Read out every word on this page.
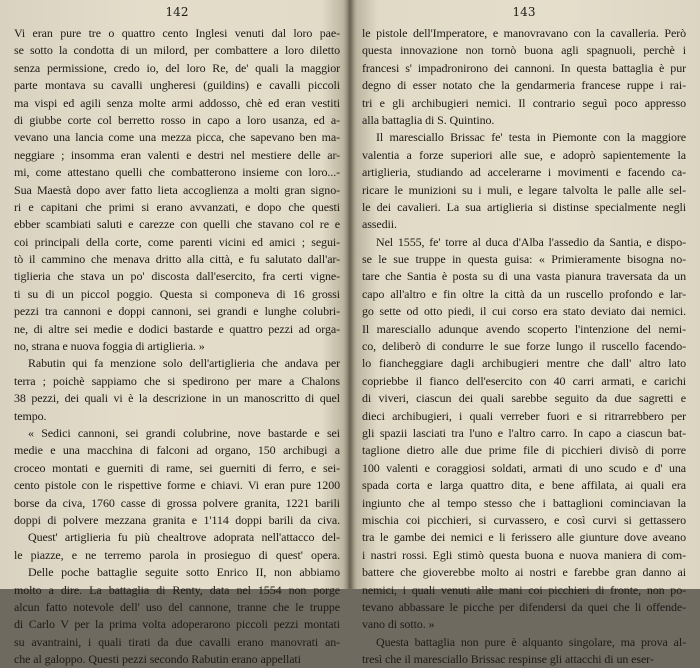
142
Vi eran pure tre o quattro cento Inglesi venuti dal loro pae-
se sotto la condotta di un milord, per combattere a loro diletto
senza permissione, credo io, del loro Re, de' quali la maggior
parte montava su cavalli ungheresi (guildins) e cavalli piccoli
ma vispi ed agili senza molte armi addosso, chè ed eran vestiti
di giubbe corte col berretto rosso in capo a loro usanza, ed a-
vevano una lancia come una mezza picca, che sapevano ben ma-
neggiare ; insomma eran valenti e destri nel mestiere delle ar-
mi, come attestano quelli che combatterono insieme con loro...-
Sua Maestà dopo aver fatto lieta accoglienza a molti gran signo-
ri e capitani che primi si erano avvanzati, e dopo che questi
ebber scambiati saluti e carezze con quelli che stavano col re e
coi principali della corte, come parenti vicini ed amici ; segui-
tò il cammino che menava dritto alla città, e fu salutato dall'ar-
tiglieria che stava un po' discosta dall'esercito, fra certi vigne-
ti su di un piccol poggio. Questa si componeva di 16 grossi
pezzi tra cannoni e doppi cannoni, sei grandi e lunghe colubri-
ne, di altre sei medie e dodici bastarde e quattro pezzi ad orga-
no, strana e nuova foggia di artiglieria. »
Rabutin qui fa menzione solo dell'artiglieria che andava per
terra ; poichè sappiamo che si spedirono per mare a Chalons
38 pezzi, dei quali vi è la descrizione in un manoscritto di quel
tempo.
« Sedici cannoni, sei grandi colubrine, nove bastarde e sei
medie e una macchina di falconi ad organo, 150 archibugi a
croceo montati e guerniti di rame, sei guerniti di ferro, e sei-
cento pistole con le rispettive forme e chiavi. Vi eran pure 1200
borse da civa, 1760 casse di grossa polvere granita, 1221 barili
doppi di polvere mezzana granita e 1'114 doppi barili da civa.
Quest' artiglieria fu più chealtrove adoprata nell'attacco del-
le piazze, e ne terremo parola in prosieguo di quest' opera.
Delle poche battaglie seguite sotto Enrico II, non abbiamo
molto a dire. La battaglia di Renty, data nel 1554 non porge
alcun fatto notevole dell' uso del cannone, tranne che le truppe
di Carlo V per la prima volta adoperarono piccoli pezzi montati
su avantraini, i quali tirati da due cavalli erano manovrati an-
che al galoppo. Questi pezzi secondo Rabutin erano appellati
143
le pistole dell'Imperatore, e manovravano con la cavalleria. Però
questa innovazione non tornò buona agli spagnuoli, perchè i
francesi s' impadronirono dei cannoni. In questa battaglia è pur
degno di esser notato che la gendarmeria francese ruppe i rai-
tri e gli archibugieri nemici. Il contrario seguì poco appresso
alla battaglia di S. Quintino.
Il maresciallo Brissac fe' testa in Piemonte con la maggiore
valentia a forze superiori alle sue, e adoprò sapientemente la
artiglieria, studiando ad accelerarne i movimenti e facendo ca-
ricare le munizioni su i muli, e legare talvolta le palle alle sel-
le dei cavalieri. La sua artiglieria si distinse specialmente negli
assedii.
Nel 1555, fe' torre al duca d'Alba l'assedio da Santia, e dispo-
se le sue truppe in questa guisa: « Primieramente bisogna no-
tare che Santia è posta su di una vasta pianura traversata da un
capo all'altro e fin oltre la città da un ruscello profondo e lar-
go sette od otto piedi, il cui corso era stato deviato dai nemici.
Il maresciallo adunque avendo scoperto l'intenzione del nemi-
co, deliberò di condurre le sue forze lungo il ruscello facendo-
lo fiancheggiare dagli archibugieri mentre che dall' altro lato
copriebbe il fianco dell'esercito con 40 carri armati, e carichi
di viveri, ciascun dei quali sarebbe seguito da due sagretti e
dieci archibugieri, i quali verreber fuori e si ritrarrebbero per
gli spazii lasciati tra l'uno e l'altro carro. In capo a ciascun bat-
taglione dietro alle due prime file di picchieri divisò di porre
100 valenti e coraggiosi soldati, armati di uno scudo e d' una
spada corta e larga quattro dita, e bene affilata, ai quali era
ingiunto che al tempo stesso che i battaglioni cominciavan la
mischia coi picchieri, si curvassero, e così curvi si gettassero
tra le gambe dei nemici e li ferissero alle giunture dove aveano
i nastri rossi. Egli stimò questa buona e nuova maniera di com-
battere che gioverebbe molto ai nostri e farebbe gran danno ai
nemici, i quali venuti alle mani coi picchieri di fronte, non po-
tevano abbassare le picche per difendersi da quei che li offende-
vano di sotto. »
Questa battaglia non pure è alquanto singolare, ma prova al-
tresì che il maresciallo Brissac respinse gli attacchi di un eser-
